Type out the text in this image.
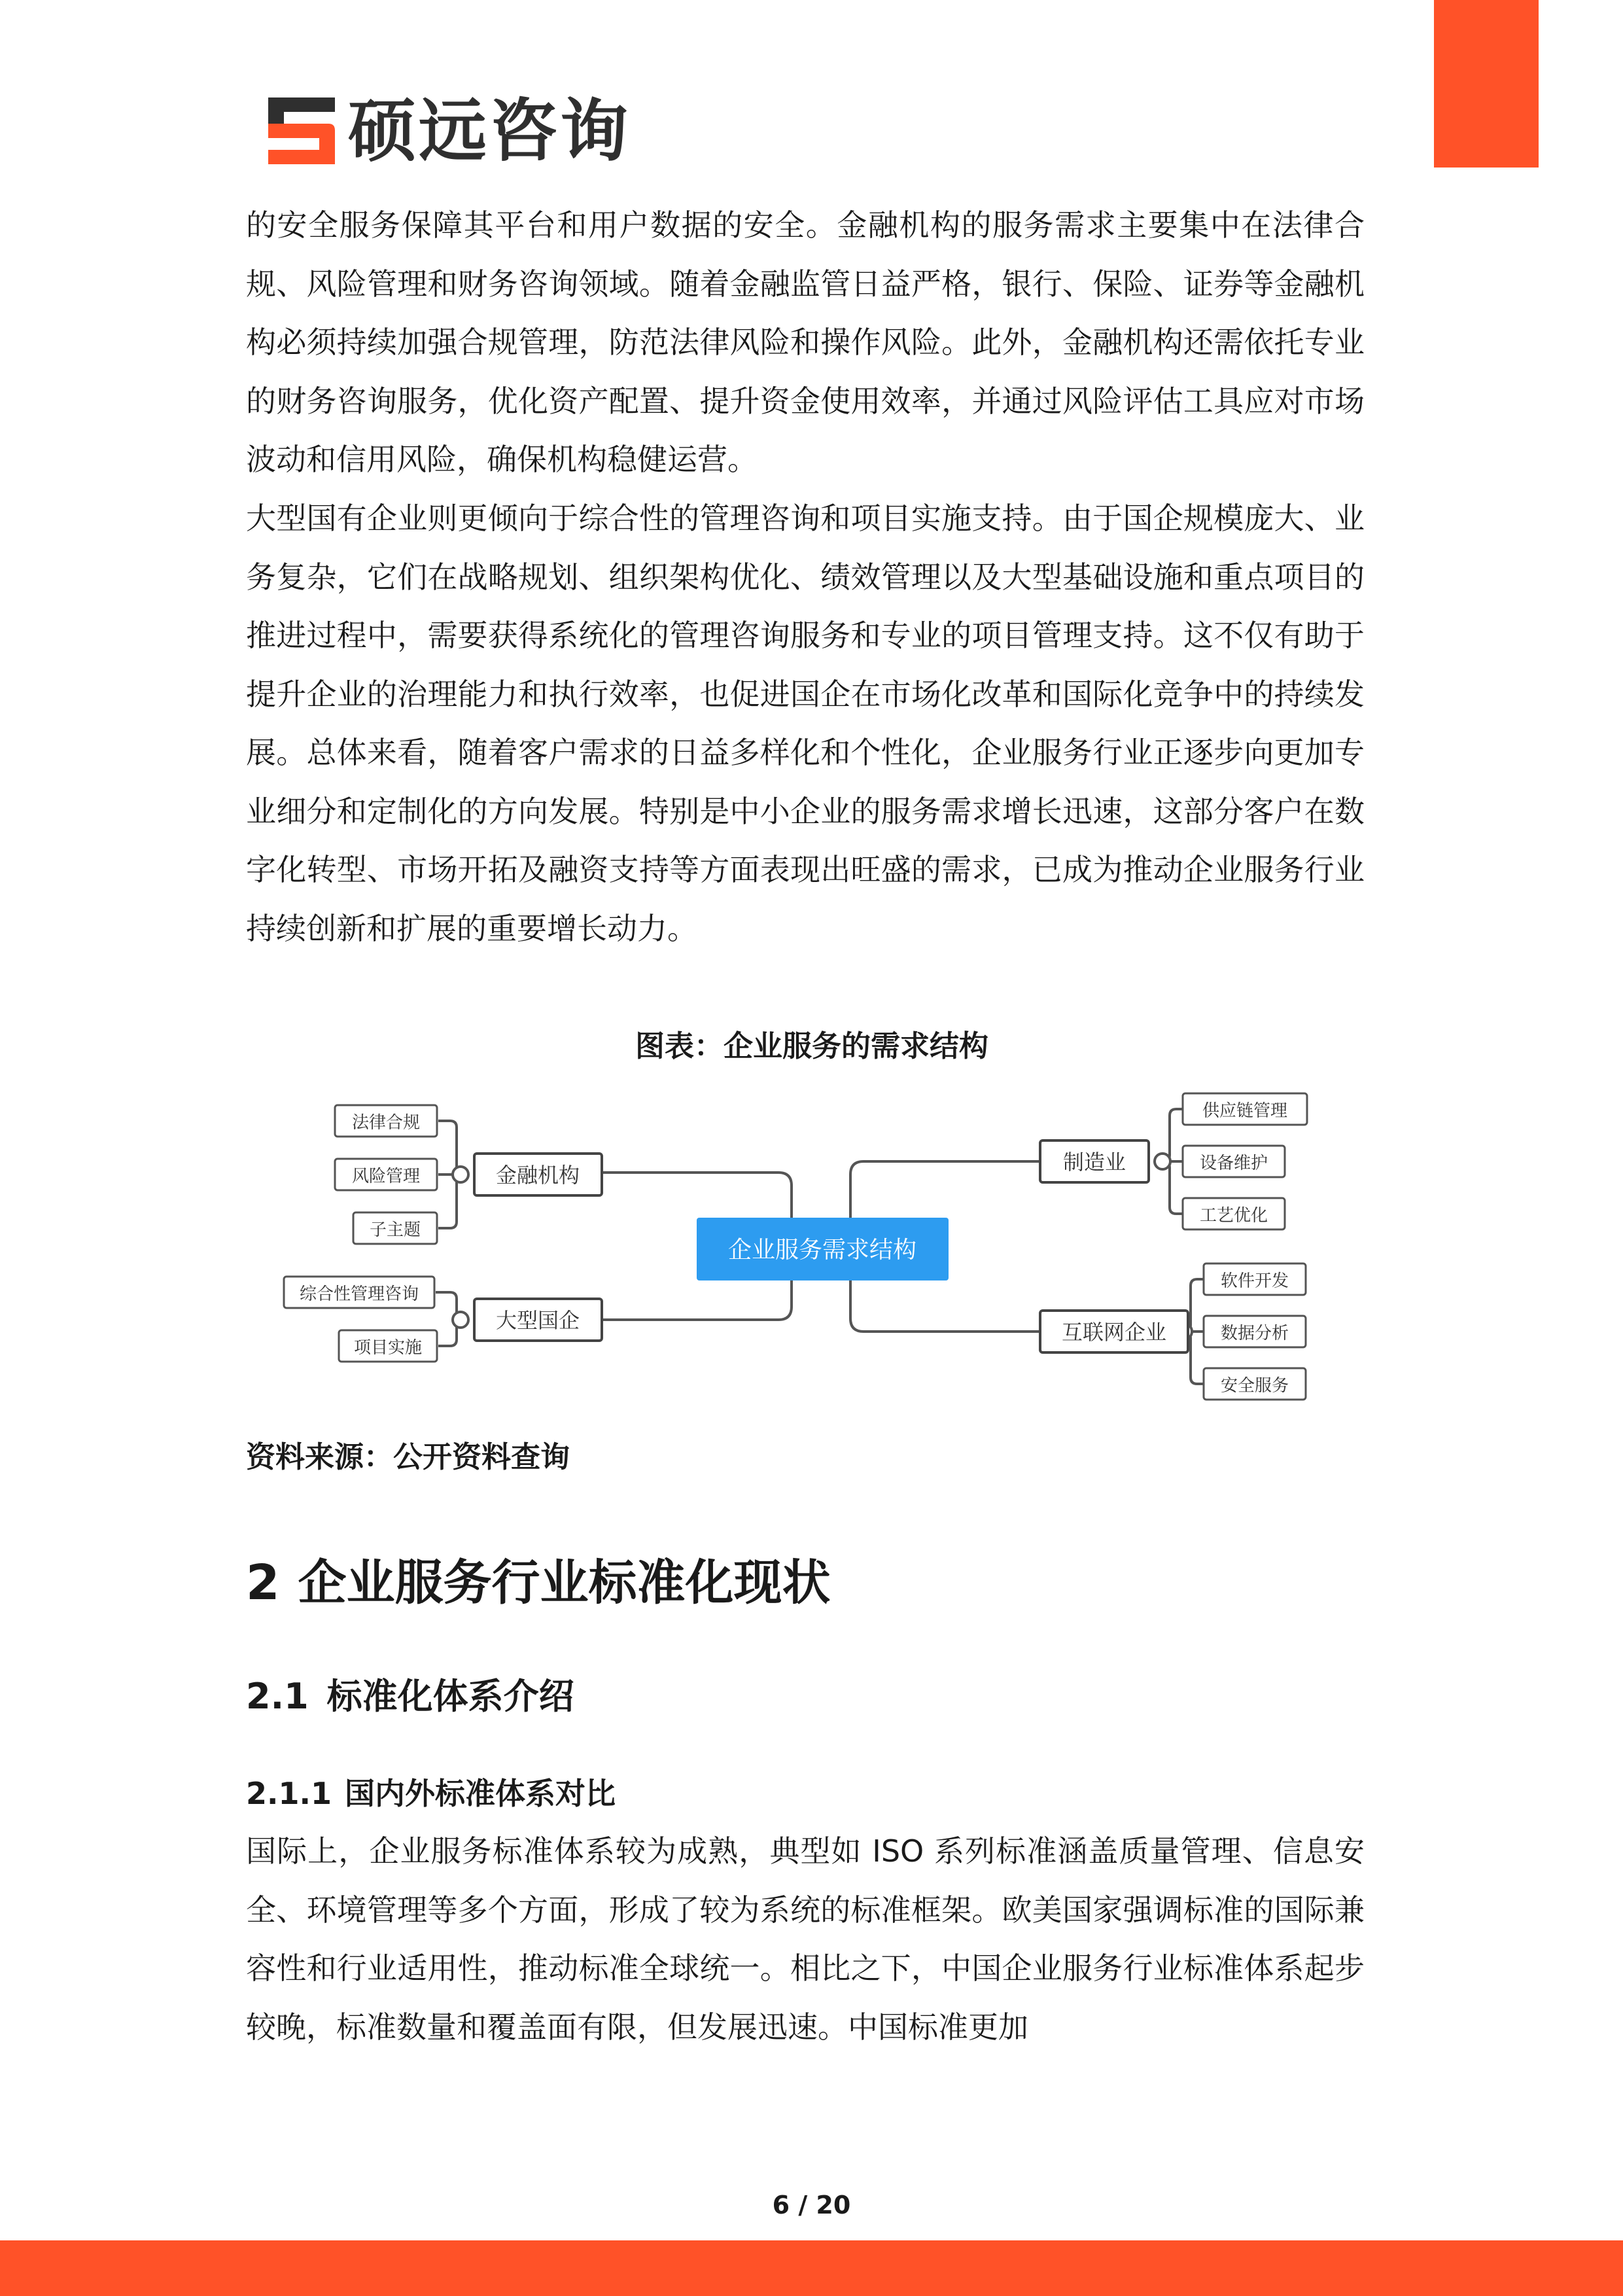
硕远咨询

的安全服务保障其平台和用户数据的安全。金融机构的服务需求主要集中在法律合规、风险管理和财务咨询领域。随着金融监管日益严格，银行、保险、证券等金融机构必须持续加强合规管理，防范法律风险和操作风险。此外，金融机构还需依托专业的财务咨询服务，优化资产配置、提升资金使用效率，并通过风险评估工具应对市场波动和信用风险，确保机构稳健运营。

大型国有企业则更倾向于综合性的管理咨询和项目实施支持。由于国企规模庞大、业务复杂，它们在战略规划、组织架构优化、绩效管理以及大型基础设施和重点项目的推进过程中，需要获得系统化的管理咨询服务和专业的项目管理支持。这不仅有助于提升企业的治理能力和执行效率，也促进国企在市场化改革和国际化竞争中的持续发展。总体来看，随着客户需求的日益多样化和个性化，企业服务行业正逐步向更加专业细分和定制化的方向发展。特别是中小企业的服务需求增长迅速，这部分客户在数字化转型、市场开拓及融资支持等方面表现出旺盛的需求，已成为推动企业服务行业持续创新和扩展的重要增长动力。

图表：企业服务的需求结构
企业服务需求结构
金融机构
大型国企
法律合规
风险管理
子主题
综合性管理咨询
项目实施
制造业
互联网企业
供应链管理
设备维护
工艺优化
软件开发
数据分析
安全服务
资料来源：公开资料查询
2 企业服务行业标准化现状
2.1 标准化体系介绍
2.1.1 国内外标准体系对比

国际上，企业服务标准体系较为成熟，典型如 ISO 系列标准涵盖质量管理、信息安全、环境管理等多个方面，形成了较为系统的标准框架。欧美国家强调标准的国际兼容性和行业适用性，推动标准全球统一。相比之下，中国企业服务行业标准体系起步较晚，标准数量和覆盖面有限，但发展迅速。中国标准更加

6 / 20
